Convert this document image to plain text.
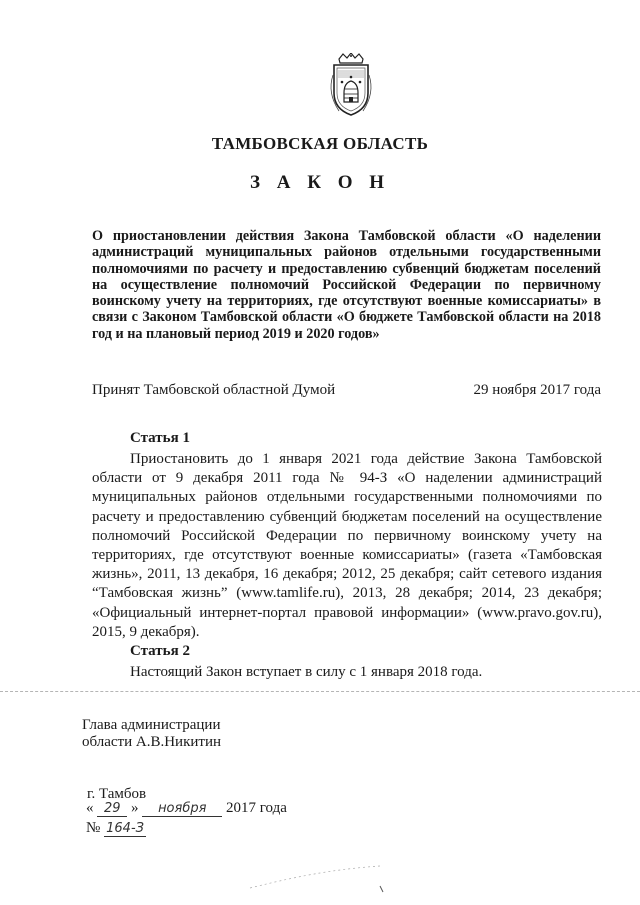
ТАМБОВСКАЯ ОБЛАСТЬ
З А К О Н
О приостановлении действия Закона Тамбовской области «О наделении администраций муниципальных районов отдельными государственными полномочиями по расчету и предоставлению субвенций бюджетам поселений на осуществление полномочий Российской Федерации по первичному воинскому учету на территориях, где отсутствуют военные комиссариаты» в связи с Законом Тамбовской области «О бюджете Тамбовской области на 2018 год и на плановый период 2019 и 2020 годов»
Принят Тамбовской областной Думой	29 ноября 2017 года
Статья 1
Приостановить до 1 января 2021 года действие Закона Тамбовской области от 9 декабря 2011 года № 94-З «О наделении администраций муниципальных районов отдельными государственными полномочиями по расчету и предоставлению субвенций бюджетам поселений на осуществление полномочий Российской Федерации по первичному воинскому учету на территориях, где отсутствуют военные комиссариаты» (газета «Тамбовская жизнь», 2011, 13 декабря, 16 декабря; 2012, 25 декабря; сайт сетевого издания “Тамбовская жизнь” (www.tamlife.ru), 2013, 28 декабря; 2014, 23 декабря; «Официальный интернет-портал правовой информации» (www.pravo.gov.ru), 2015, 9 декабря).
Статья 2
Настоящий Закон вступает в силу с 1 января 2018 года.
Глава администрации
области А.В.Никитин
г. Тамбов
« 29 » ноября 2017 года
№ 164-З
